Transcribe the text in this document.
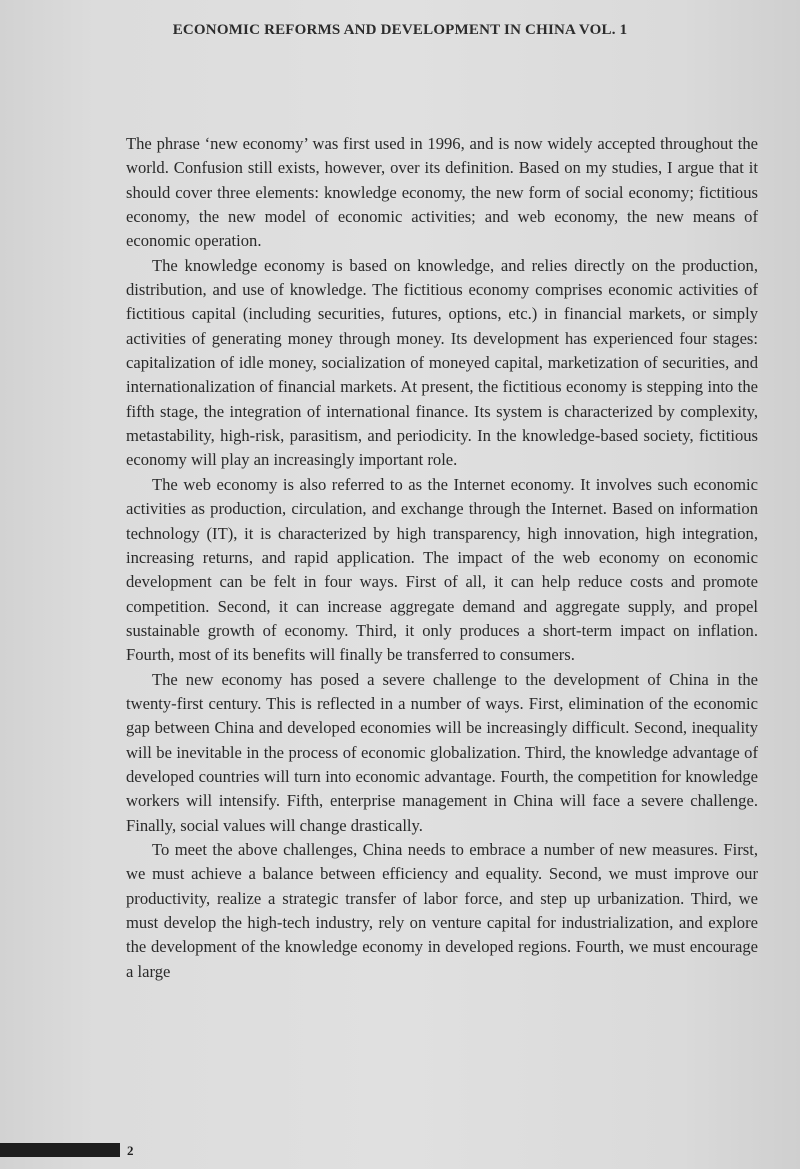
ECONOMIC REFORMS AND DEVELOPMENT IN CHINA VOL. 1

The phrase ‘new economy’ was first used in 1996, and is now widely accepted throughout the world. Confusion still exists, however, over its definition. Based on my studies, I argue that it should cover three elements: knowledge economy, the new form of social economy; fictitious economy, the new model of economic activities; and web economy, the new means of economic operation.

The knowledge economy is based on knowledge, and relies directly on the production, distribution, and use of knowledge. The fictitious economy comprises economic activities of fictitious capital (including securities, futures, options, etc.) in financial markets, or simply activities of generating money through money. Its development has experienced four stages: capitalization of idle money, socialization of moneyed capital, marketization of securities, and internationalization of financial markets. At present, the fictitious economy is stepping into the fifth stage, the integration of international finance. Its system is characterized by complexity, metastability, high-risk, parasitism, and periodicity. In the knowledge-based society, fictitious economy will play an increasingly important role.

The web economy is also referred to as the Internet economy. It involves such economic activities as production, circulation, and exchange through the Internet. Based on information technology (IT), it is characterized by high transparency, high innovation, high integration, increasing returns, and rapid application. The impact of the web economy on economic development can be felt in four ways. First of all, it can help reduce costs and promote competition. Second, it can increase aggregate demand and aggregate supply, and propel sustainable growth of economy. Third, it only produces a short-term impact on inflation. Fourth, most of its benefits will finally be transferred to consumers.

The new economy has posed a severe challenge to the development of China in the twenty-first century. This is reflected in a number of ways. First, elimination of the economic gap between China and developed economies will be increasingly difficult. Second, inequality will be inevitable in the process of economic globalization. Third, the knowledge advantage of developed countries will turn into economic advantage. Fourth, the competition for knowledge workers will intensify. Fifth, enterprise management in China will face a severe challenge. Finally, social values will change drastically.

To meet the above challenges, China needs to embrace a number of new measures. First, we must achieve a balance between efficiency and equality. Second, we must improve our productivity, realize a strategic transfer of labor force, and step up urbanization. Third, we must develop the high-tech industry, rely on venture capital for industrialization, and explore the development of the knowledge economy in developed regions. Fourth, we must encourage a large

2
